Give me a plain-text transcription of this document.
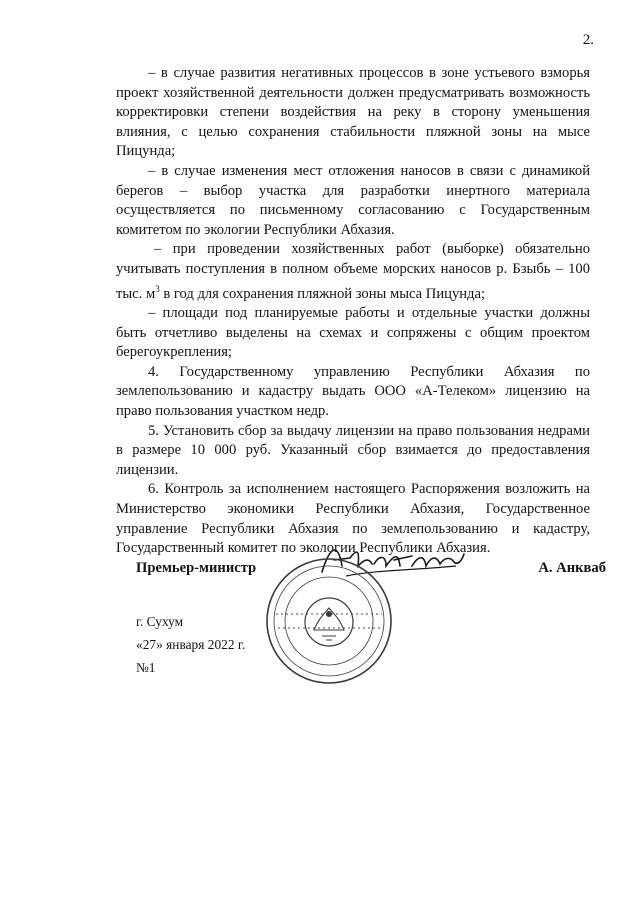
2.

– в случае развития негативных процессов в зоне устьевого взморья проект хозяйственной деятельности должен предусматривать возможность корректировки степени воздействия на реку в сторону уменьшения влияния, с целью сохранения стабильности пляжной зоны на мысе Пицунда;

– в случае изменения мест отложения наносов в связи с динамикой берегов – выбор участка для разработки инертного материала осуществляется по письменному согласованию с Государственным комитетом по экологии Республики Абхазия.

– при проведении хозяйственных работ (выборке) обязательно учитывать поступления в полном объеме морских наносов р. Бзыбь – 100 тыс. $м^3$ в год для сохранения пляжной зоны мыса Пицунда;

– площади под планируемые работы и отдельные участки должны быть отчетливо выделены на схемах и сопряжены с общим проектом берегоукрепления;

4. Государственному управлению Республики Абхазия по землепользованию и кадастру выдать ООО «А-Телеком» лицензию на право пользования участком недр.

5. Установить сбор за выдачу лицензии на право пользования недрами в размере 10 000 руб. Указанный сбор взимается до предоставления лицензии.

6. Контроль за исполнением настоящего Распоряжения возложить на Министерство экономики Республики Абхазия, Государственное управление Республики Абхазия по землепользованию и кадастру, Государственный комитет по экологии Республики Абхазия.

Премьер-министр	А. Анкваб
г. Сухум
«27» января 2022 г.
№1
